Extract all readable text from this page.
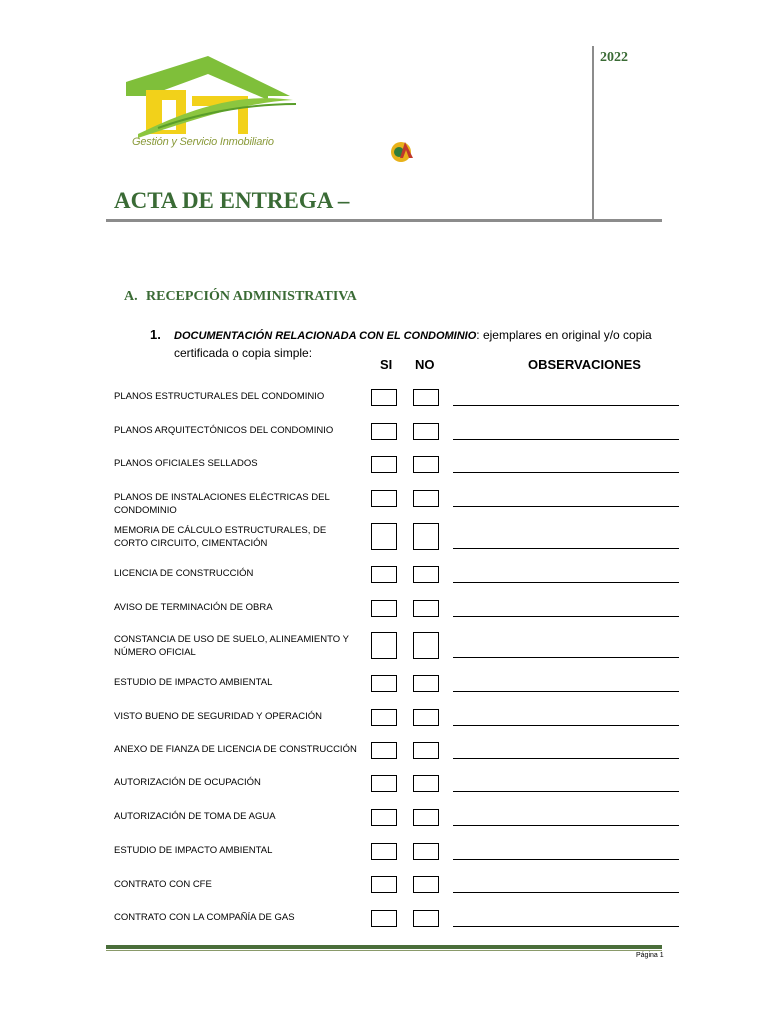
Gestión y Servicio Inmobiliario
2022
ACTA DE ENTREGA –
A. RECEPCIÓN ADMINISTRATIVA
1. DOCUMENTACIÓN RELACIONADA CON EL CONDOMINIO: ejemplares en original y/o copia certificada o copia simple:
SI NO	OBSERVACIONES
PLANOS ESTRUCTURALES DEL CONDOMINIO
PLANOS ARQUITECTÓNICOS DEL CONDOMINIO
PLANOS OFICIALES SELLADOS
PLANOS DE INSTALACIONES ELÉCTRICAS DEL CONDOMINIO
MEMORIA DE CÁLCULO ESTRUCTURALES, DE CORTO CIRCUITO, CIMENTACIÓN
LICENCIA DE CONSTRUCCIÓN
AVISO DE TERMINACIÓN DE OBRA
CONSTANCIA DE USO DE SUELO, ALINEAMIENTO Y NÚMERO OFICIAL
ESTUDIO DE IMPACTO AMBIENTAL
VISTO BUENO DE SEGURIDAD Y OPERACIÓN
ANEXO DE FIANZA DE LICENCIA DE CONSTRUCCIÓN
AUTORIZACIÓN DE OCUPACIÓN
AUTORIZACIÓN DE TOMA DE AGUA
ESTUDIO DE IMPACTO AMBIENTAL
CONTRATO CON CFE
CONTRATO CON LA COMPAÑÍA DE GAS
Página 1
